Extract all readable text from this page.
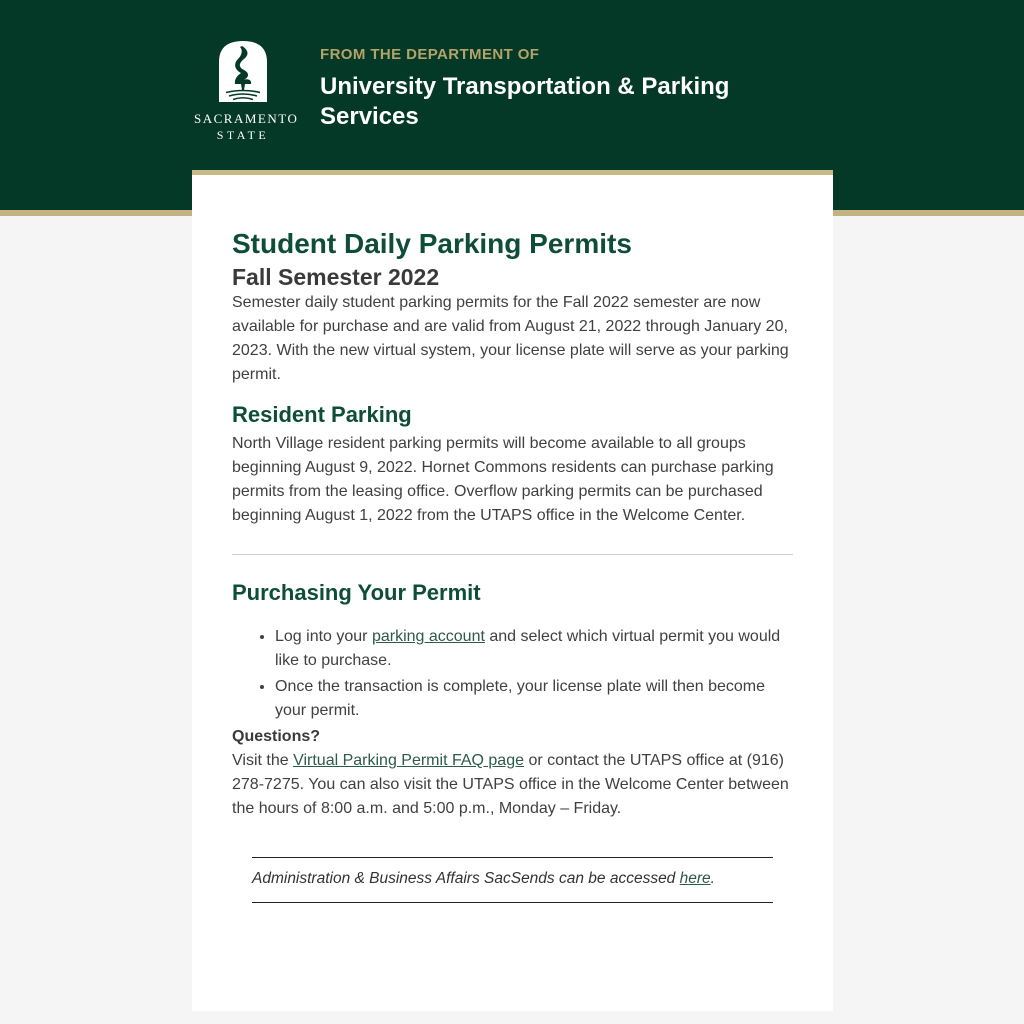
SACRAMENTO
STATE
FROM THE DEPARTMENT OF
University Transportation & Parking Services
Student Daily Parking Permits
Fall Semester 2022

Semester daily student parking permits for the Fall 2022 semester are now available for purchase and are valid from August 21, 2022 through January 20, 2023. With the new virtual system, your license plate will serve as your parking permit.

Resident Parking

North Village resident parking permits will become available to all groups beginning August 9, 2022. Hornet Commons residents can purchase parking permits from the leasing office. Overflow parking permits can be purchased beginning August 1, 2022 from the UTAPS office in the Welcome Center.

Purchasing Your Permit
• Log into your parking account and select which virtual permit you would like to purchase.
• Once the transaction is complete, your license plate will then become your permit.

Questions?

Visit the Virtual Parking Permit FAQ page or contact the UTAPS office at (916) 278-7275. You can also visit the UTAPS office in the Welcome Center between the hours of 8:00 a.m. and 5:00 p.m., Monday – Friday.

Administration & Business Affairs SacSends can be accessed here.
